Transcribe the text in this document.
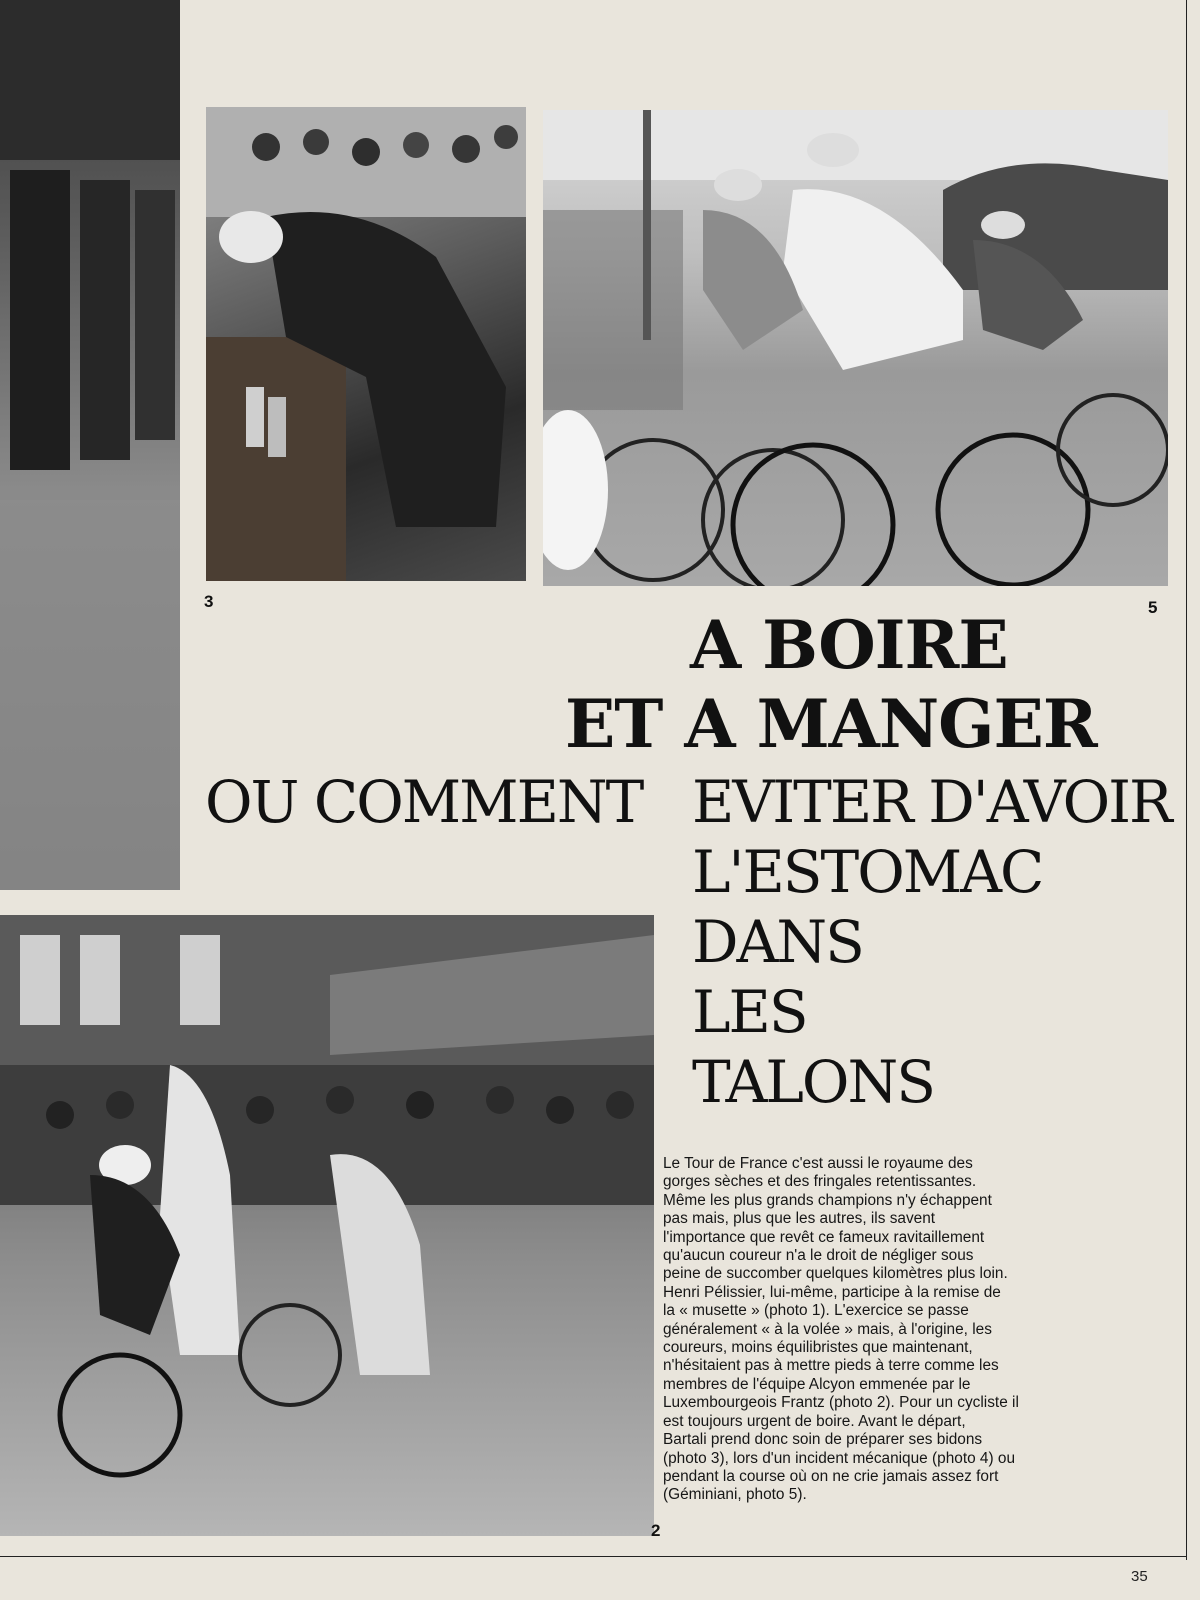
3	5
2
A BOIRE
ET A MANGER
OU COMMENT EVITER D'AVOIR
L'ESTOMAC
DANS
LES
TALONS

Le Tour de France c'est aussi le royaume des
gorges sèches et des fringales retentissantes.
Même les plus grands champions n'y échappent
pas mais, plus que les autres, ils savent
l'importance que revêt ce fameux ravitaillement
qu'aucun coureur n'a le droit de négliger sous
peine de succomber quelques kilomètres plus loin.
Henri Pélissier, lui-même, participe à la remise de
la « musette » (photo 1). L'exercice se passe
généralement « à la volée » mais, à l'origine, les
coureurs, moins équilibristes que maintenant,
n'hésitaient pas à mettre pieds à terre comme les
membres de l'équipe Alcyon emmenée par le
Luxembourgeois Frantz (photo 2). Pour un cycliste il
est toujours urgent de boire. Avant le départ,
Bartali prend donc soin de préparer ses bidons
(photo 3), lors d'un incident mécanique (photo 4) ou
pendant la course où on ne crie jamais assez fort
(Géminiani, photo 5).

35
